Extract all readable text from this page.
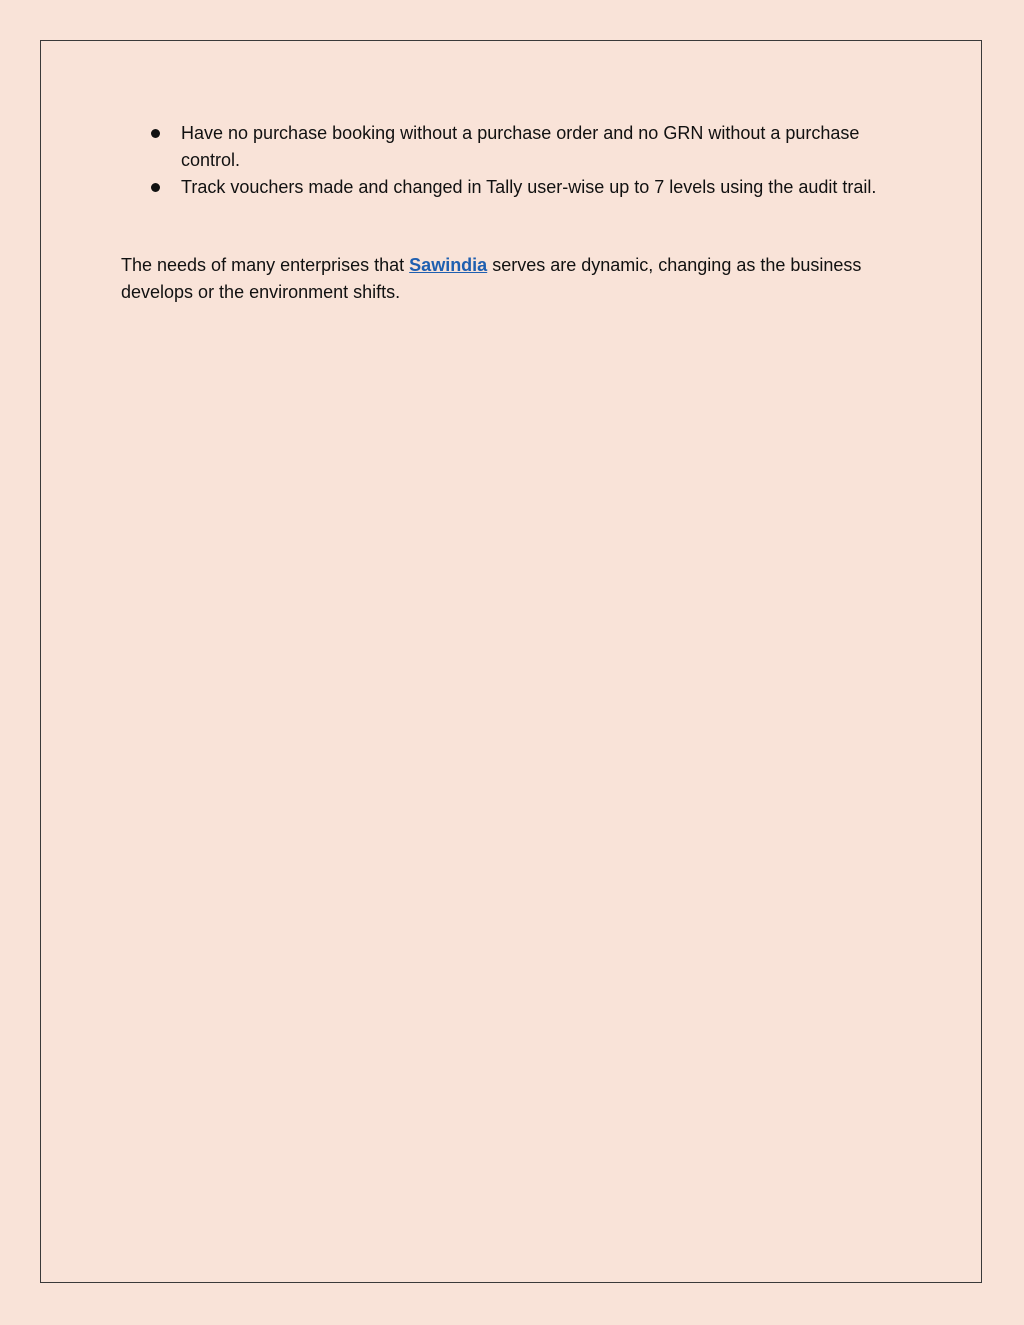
Have no purchase booking without a purchase order and no GRN without a purchase control.
Track vouchers made and changed in Tally user-wise up to 7 levels using the audit trail.

The needs of many enterprises that Sawindia serves are dynamic, changing as the business develops or the environment shifts.
